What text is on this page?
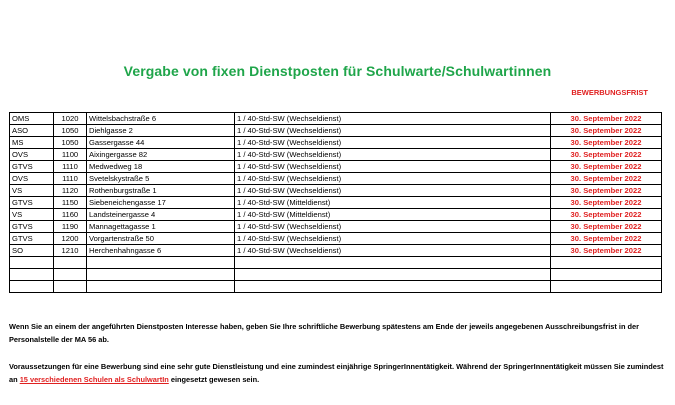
Vergabe von fixen Dienstposten für Schulwarte/Schulwartinnen
BEWERBUNGSFRIST
OMS	1020	Wittelsbachstraße 6	1 / 40-Std-SW (Wechseldienst)	30. September 2022
ASO	1050	Diehlgasse 2	1 / 40-Std-SW (Wechseldienst)	30. September 2022
MS	1050	Gassergasse 44	1 / 40-Std-SW (Wechseldienst)	30. September 2022
OVS	1100	Aixingergasse 82	1 / 40-Std-SW (Wechseldienst)	30. September 2022
GTVS	1110	Medwedweg 18	1 / 40-Std-SW (Wechseldienst)	30. September 2022
OVS	1110	Svetelskystraße 5	1 / 40-Std-SW (Wechseldienst)	30. September 2022
VS	1120	Rothenburgstraße 1	1 / 40-Std-SW (Wechseldienst)	30. September 2022
GTVS	1150	Siebeneichengasse 17	1 / 40-Std-SW (Mitteldienst)	30. September 2022
VS	1160	Landsteinergasse 4	1 / 40-Std-SW (Mitteldienst)	30. September 2022
GTVS	1190	Mannagettagasse 1	1 / 40-Std-SW (Wechseldienst)	30. September 2022
GTVS	1200	Vorgartenstraße 50	1 / 40-Std-SW (Wechseldienst)	30. September 2022
SO	1210	Herchenhahngasse 6	1 / 40-Std-SW (Wechseldienst)	30. September 2022

Wenn Sie an einem der angeführten Dienstposten Interesse haben, geben Sie Ihre schriftliche Bewerbung spätestens am Ende der jeweils angegebenen Ausschreibungsfrist in der Personalstelle der MA 56 ab.
Voraussetzungen für eine Bewerbung sind eine sehr gute Dienstleistung und eine zumindest einjährige SpringerInnentätigkeit. Während der SpringerInnentätigkeit müssen Sie zumindest an 15 verschiedenen Schulen als SchulwartIn eingesetzt gewesen sein.
